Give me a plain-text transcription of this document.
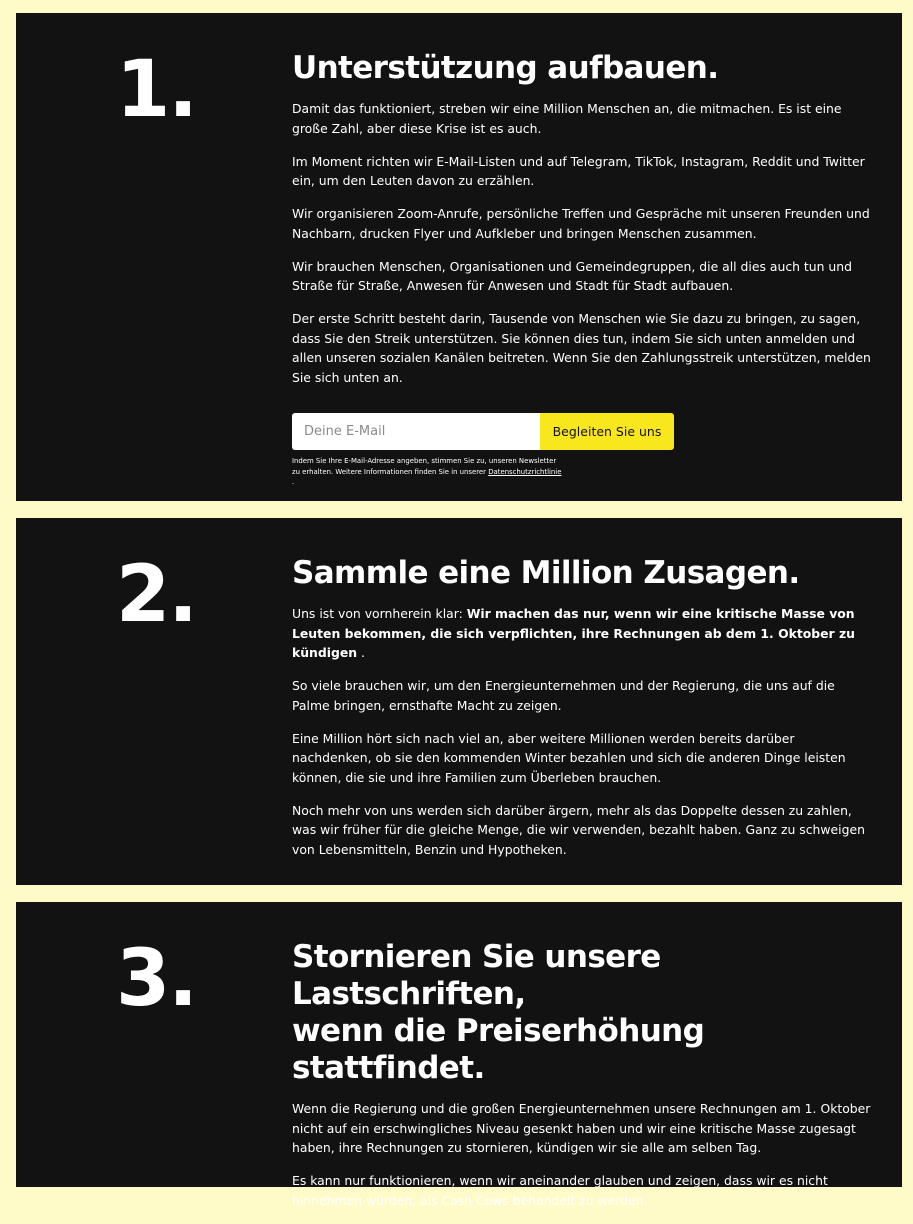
1.	Unterstützung aufbauen.

Damit das funktioniert, streben wir eine Million Menschen an, die mitmachen. Es ist eine große Zahl, aber diese Krise ist es auch.

Im Moment richten wir E-Mail-Listen und auf Telegram, TikTok, Instagram, Reddit und Twitter ein, um den Leuten davon zu erzählen.

Wir organisieren Zoom-Anrufe, persönliche Treffen und Gespräche mit unseren Freunden und Nachbarn, drucken Flyer und Aufkleber und bringen Menschen zusammen.

Wir brauchen Menschen, Organisationen und Gemeindegruppen, die all dies auch tun und Straße für Straße, Anwesen für Anwesen und Stadt für Stadt aufbauen.

Der erste Schritt besteht darin, Tausende von Menschen wie Sie dazu zu bringen, zu sagen, dass Sie den Streik unterstützen. Sie können dies tun, indem Sie sich unten anmelden und allen unseren sozialen Kanälen beitreten. Wenn Sie den Zahlungsstreik unterstützen, melden Sie sich unten an.

Deine E-Mail
Begleiten Sie uns

Indem Sie Ihre E-Mail-Adresse angeben, stimmen Sie zu, unseren Newsletter zu erhalten. Weitere Informationen finden Sie in unserer Datenschutzrichtlinie .

2.	Sammle eine Million Zusagen.

Uns ist von vornherein klar: Wir machen das nur, wenn wir eine kritische Masse von Leuten bekommen, die sich verpflichten, ihre Rechnungen ab dem 1. Oktober zu kündigen .

So viele brauchen wir, um den Energieunternehmen und der Regierung, die uns auf die Palme bringen, ernsthafte Macht zu zeigen.

Eine Million hört sich nach viel an, aber weitere Millionen werden bereits darüber nachdenken, ob sie den kommenden Winter bezahlen und sich die anderen Dinge leisten können, die sie und ihre Familien zum Überleben brauchen.

Noch mehr von uns werden sich darüber ärgern, mehr als das Doppelte dessen zu zahlen, was wir früher für die gleiche Menge, die wir verwenden, bezahlt haben. Ganz zu schweigen von Lebensmitteln, Benzin und Hypotheken.

3.	Stornieren Sie unsere Lastschriften,
wenn die Preiserhöhung stattfindet.

Wenn die Regierung und die großen Energieunternehmen unsere Rechnungen am 1. Oktober nicht auf ein erschwingliches Niveau gesenkt haben und wir eine kritische Masse zugesagt haben, ihre Rechnungen zu stornieren, kündigen wir sie alle am selben Tag.

Es kann nur funktionieren, wenn wir aneinander glauben und zeigen, dass wir es nicht hinnehmen würden, als Cash Cows behandelt zu werden.
